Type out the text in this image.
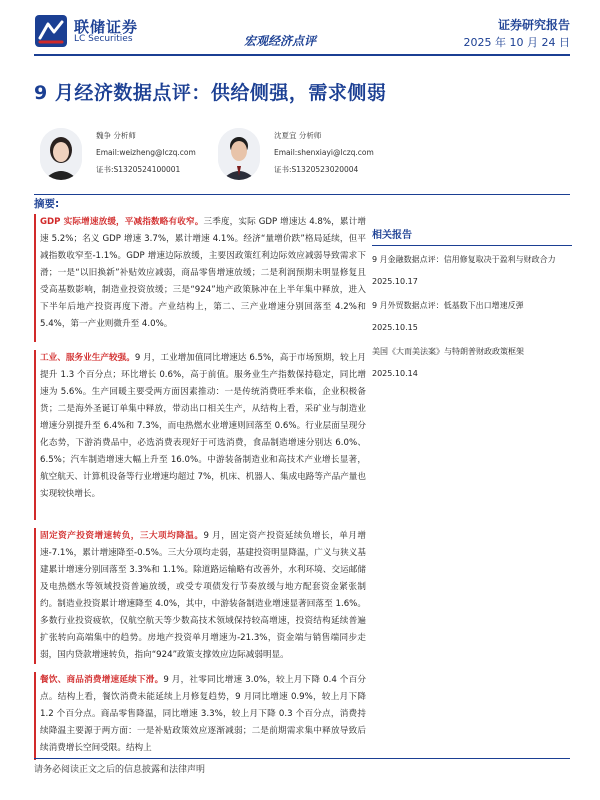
联储证券
LC Securities	宏观经济点评
证券研究报告
2025 年 10 月 24 日
9 月经济数据点评：供给侧强，需求侧弱
魏争 分析师
Email:weizheng@lczq.com
证书:S1320524100001
沈夏宜 分析师
Email:shenxiayi@lczq.com
证书:S1320523020004
摘要:

GDP 实际增速放缓，平减指数略有收窄。三季度，实际 GDP 增速达 4.8%，累计增速 5.2%；名义 GDP 增速 3.7%，累计增速 4.1%。经济“量增价跌”格局延续，但平减指数收窄至-1.1%。GDP 增速边际放缓，主要因政策红利边际效应减弱导致需求下滑；一是“以旧换新”补贴效应减弱，商品零售增速放缓；二是利润预期未明显修复且受高基数影响，制造业投资放缓；三是“924”地产政策脉冲在上半年集中释放，进入下半年后地产投资再度下滑。产业结构上，第二、三产业增速分别回落至 4.2%和 5.4%，第一产业则微升至 4.0%。

工业、服务业生产较强。9 月，工业增加值同比增速达 6.5%，高于市场预期，较上月提升 1.3 个百分点；环比增长 0.6%，高于前值。服务业生产指数保持稳定，同比增速为 5.6%。生产回暖主要受两方面因素推动：一是传统消费旺季来临，企业积极备货；二是海外圣诞订单集中释放，带动出口相关生产，从结构上看，采矿业与制造业增速分别提升至 6.4%和 7.3%，而电热燃水业增速则回落至 0.6%。行业层面呈现分化态势，下游消费品中，必选消费表现好于可选消费，食品制造增速分别达 6.0%、6.5%；汽车制造增速大幅上升至 16.0%。中游装备制造业和高技术产业增长显著，航空航天、计算机设备等行业增速均超过 7%，机床、机器人、集成电路等产品产量也实现较快增长。

固定资产投资增速转负，三大项均降温。9 月，固定资产投资延续负增长，单月增速-7.1%，累计增速降至-0.5%。三大分项均走弱，基建投资明显降温，广义与狭义基建累计增速分别回落至 3.3%和 1.1%。除道路运输略有改善外，水利环境、交运邮储及电热燃水等领域投资普遍放缓，或受专项债发行节奏放缓与地方配套资金紧张制约。制造业投资累计增速降至 4.0%，其中，中游装备制造业增速显著回落至 1.6%。多数行业投资疲软，仅航空航天等少数高技术领域保持较高增速，投资结构延续普遍扩张转向高端集中的趋势。房地产投资单月增速为-21.3%，资金端与销售端同步走弱，国内贷款增速转负，指向“924”政策支撑效应边际减弱明显。

餐饮、商品消费增速延续下滑。9 月，社零同比增速 3.0%，较上月下降 0.4 个百分点。结构上看，餐饮消费未能延续上月修复趋势，9 月同比增速 0.9%，较上月下降 1.2 个百分点。商品零售降温，同比增速 3.3%，较上月下降 0.3 个百分点，消费持续降温主要源于两方面：一是补贴政策效应逐渐减弱；二是前期需求集中释放导致后续消费增长空间受限。结构上

相关报告
9 月金融数据点评：信用修复取决于盈利与财政合力
2025.10.17
9 月外贸数据点评：低基数下出口增速反弹
2025.10.15
美国《大而美法案》与特朗普财政政策框架
2025.10.14
请务必阅读正文之后的信息披露和法律声明
